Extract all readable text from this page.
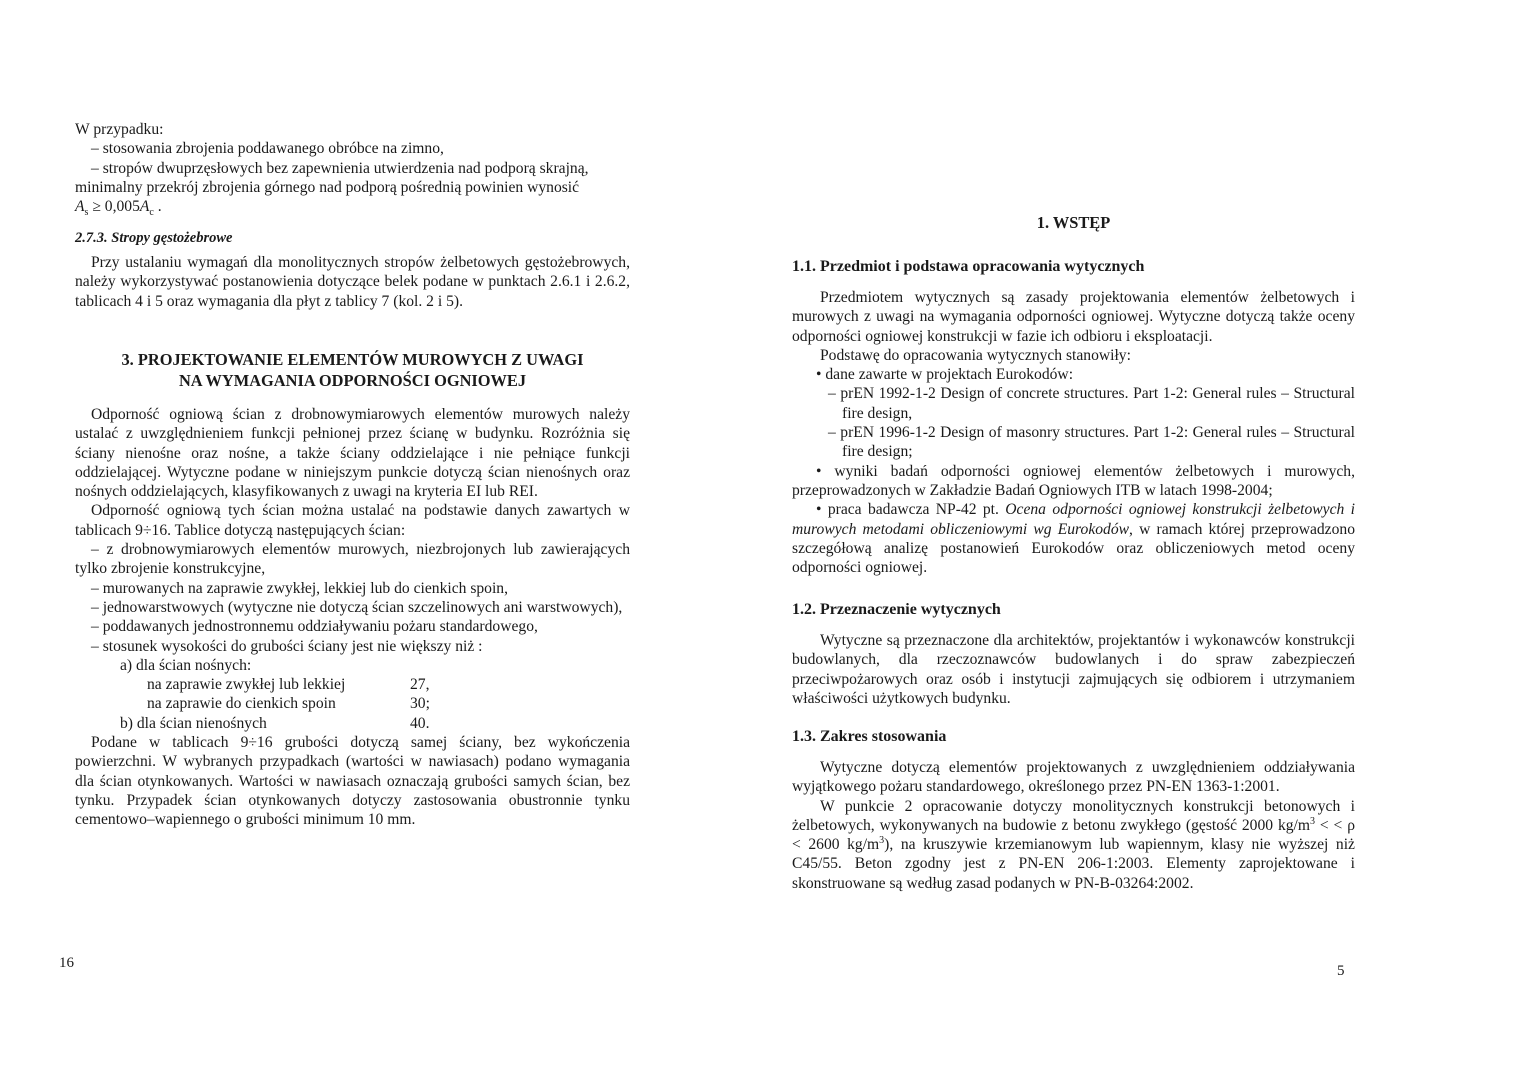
W przypadku:

– stosowania zbrojenia poddawanego obróbce na zimno,

– stropów dwuprzęsłowych bez zapewnienia utwierdzenia nad podporą skrajną,

minimalny przekrój zbrojenia górnego nad podporą pośrednią powinien wynosić

$A_s \ge 0,005A_c$ .

2.7.3. Stropy gęstożebrowe

Przy ustalaniu wymagań dla monolitycznych stropów żelbetowych gęstożebrowych, należy wykorzystywać postanowienia dotyczące belek podane w punktach 2.6.1 i 2.6.2, tablicach 4 i 5 oraz wymagania dla płyt z tablicy 7 (kol. 2 i 5).

3. PROJEKTOWANIE ELEMENTÓW MUROWYCH Z UWAGI

NA WYMAGANIA ODPORNOŚCI OGNIOWEJ

Odporność ogniową ścian z drobnowymiarowych elementów murowych należy ustalać z uwzględnieniem funkcji pełnionej przez ścianę w budynku. Rozróżnia się ściany nienośne oraz nośne, a także ściany oddzielające i nie pełniące funkcji oddzielającej. Wytyczne podane w niniejszym punkcie dotyczą ścian nienośnych oraz nośnych oddzielających, klasyfikowanych z uwagi na kryteria EI lub REI.

Odporność ogniową tych ścian można ustalać na podstawie danych zawartych w tablicach 9÷16. Tablice dotyczą następujących ścian:

– z drobnowymiarowych elementów murowych, niezbrojonych lub zawierających tylko zbrojenie konstrukcyjne,

– murowanych na zaprawie zwykłej, lekkiej lub do cienkich spoin,

– jednowarstwowych (wytyczne nie dotyczą ścian szczelinowych ani warstwowych),

– poddawanych jednostronnemu oddziaływaniu pożaru standardowego,

– stosunek wysokości do grubości ściany jest nie większy niż :

a) dla ścian nośnych:

na zaprawie zwykłej lub lekkiej	27,
na zaprawie do cienkich spoin	30;
b) dla ścian nienośnych	40.

Podane w tablicach 9÷16 grubości dotyczą samej ściany, bez wykończenia powierzchni. W wybranych przypadkach (wartości w nawiasach) podano wymagania dla ścian otynkowanych. Wartości w nawiasach oznaczają grubości samych ścian, bez tynku. Przypadek ścian otynkowanych dotyczy zastosowania obustronnie tynku cementowo–wapiennego o grubości minimum 10 mm.

16

1. WSTĘP

1.1. Przedmiot i podstawa opracowania wytycznych

Przedmiotem wytycznych są zasady projektowania elementów żelbetowych i murowych z uwagi na wymagania odporności ogniowej. Wytyczne dotyczą także oceny odporności ogniowej konstrukcji w fazie ich odbioru i eksploatacji.

Podstawę do opracowania wytycznych stanowiły:

• dane zawarte w projektach Eurokodów:

– prEN 1992-1-2 Design of concrete structures. Part 1-2: General rules – Structural fire design,

– prEN 1996-1-2 Design of masonry structures. Part 1-2: General rules – Structural fire design;

• wyniki badań odporności ogniowej elementów żelbetowych i murowych, przeprowadzonych w Zakładzie Badań Ogniowych ITB w latach 1998-2004;

• praca badawcza NP-42 pt. Ocena odporności ogniowej konstrukcji żelbetowych i murowych metodami obliczeniowymi wg Eurokodów, w ramach której przeprowadzono szczegółową analizę postanowień Eurokodów oraz obliczeniowych metod oceny odporności ogniowej.

1.2. Przeznaczenie wytycznych

Wytyczne są przeznaczone dla architektów, projektantów i wykonawców konstrukcji budowlanych, dla rzeczoznawców budowlanych i do spraw zabezpieczeń przeciwpożarowych oraz osób i instytucji zajmujących się odbiorem i utrzymaniem właściwości użytkowych budynku.

1.3. Zakres stosowania

Wytyczne dotyczą elementów projektowanych z uwzględnieniem oddziaływania wyjątkowego pożaru standardowego, określonego przez PN-EN 1363-1:2001.

W punkcie 2 opracowanie dotyczy monolitycznych konstrukcji betonowych i żelbetowych, wykonywanych na budowie z betonu zwykłego (gęstość 2000 $kg/m^3$ < < ρ < 2600 $kg/m^3$), na kruszywie krzemianowym lub wapiennym, klasy nie wyższej niż C45/55. Beton zgodny jest z PN-EN 206-1:2003. Elementy zaprojektowane i skonstruowane są według zasad podanych w PN-B-03264:2002.

5
